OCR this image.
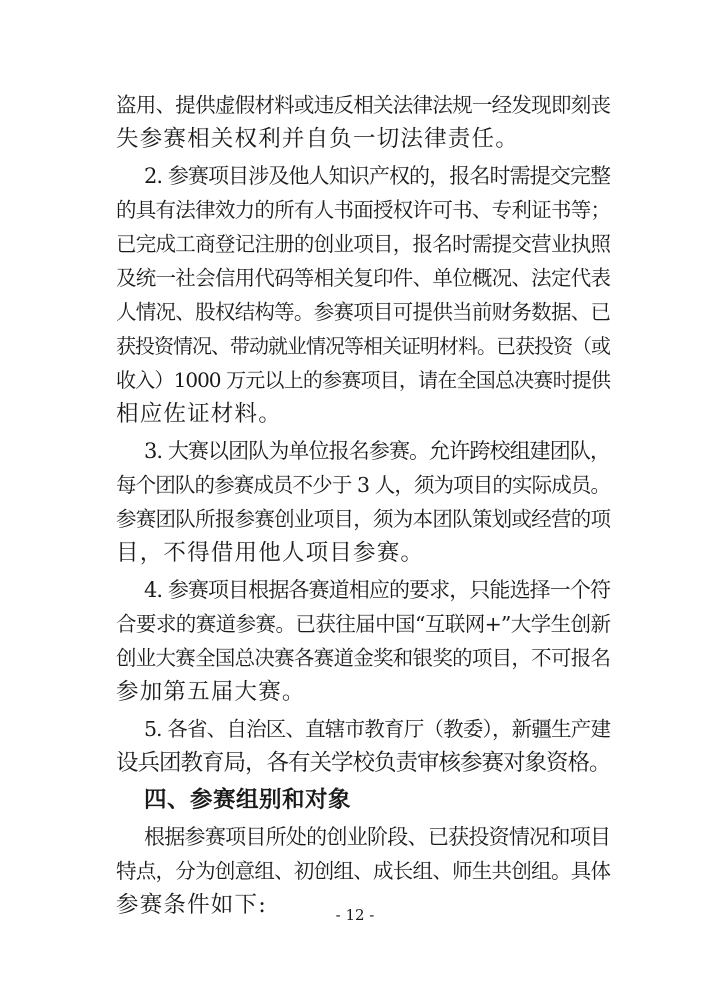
盗用、提供虚假材料或违反相关法律法规一经发现即刻丧
失参赛相关权利并自负一切法律责任。
2. 参赛项目涉及他人知识产权的，报名时需提交完整
的具有法律效力的所有人书面授权许可书、专利证书等；
已完成工商登记注册的创业项目，报名时需提交营业执照
及统一社会信用代码等相关复印件、单位概况、法定代表
人情况、股权结构等。参赛项目可提供当前财务数据、已
获投资情况、带动就业情况等相关证明材料。已获投资（或
收入）1000 万元以上的参赛项目，请在全国总决赛时提供
相应佐证材料。
3. 大赛以团队为单位报名参赛。允许跨校组建团队，
每个团队的参赛成员不少于 3 人，须为项目的实际成员。
参赛团队所报参赛创业项目，须为本团队策划或经营的项
目，不得借用他人项目参赛。
4. 参赛项目根据各赛道相应的要求，只能选择一个符
合要求的赛道参赛。已获往届中国“互联网+”大学生创新
创业大赛全国总决赛各赛道金奖和银奖的项目，不可报名
参加第五届大赛。
5. 各省、自治区、直辖市教育厅（教委），新疆生产建
设兵团教育局，各有关学校负责审核参赛对象资格。
四、参赛组别和对象
根据参赛项目所处的创业阶段、已获投资情况和项目
特点，分为创意组、初创组、成长组、师生共创组。具体
参赛条件如下:	- 12 -
